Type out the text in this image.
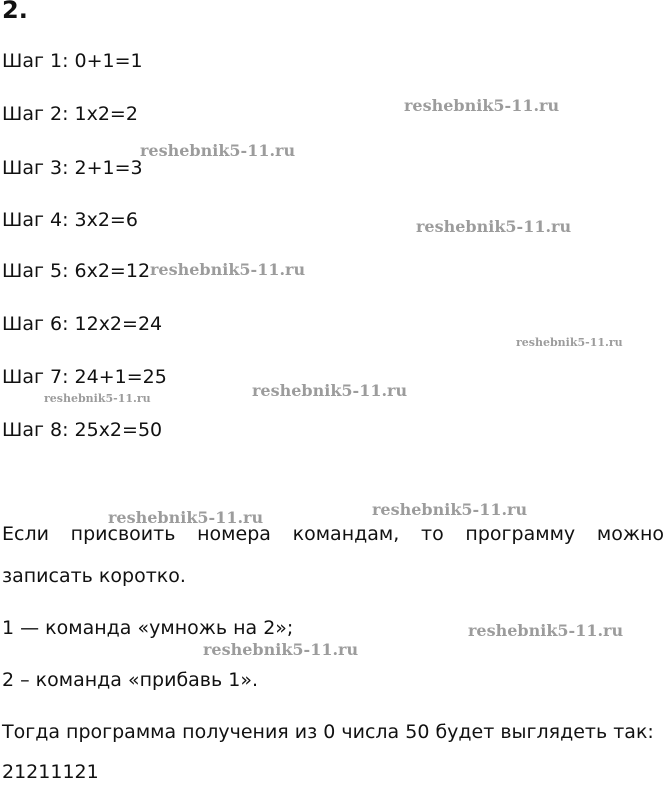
2.
Шаг 1: 0+1=1
Шаг 2: 1х2=2
Шаг 3: 2+1=3
Шаг 4: 3х2=6
Шаг 5: 6х2=12
Шаг 6: 12х2=24
Шаг 7: 24+1=25
Шаг 8: 25х2=50
Если присвоить номера командам, то программу можно
записать коротко.
1 — команда «умножь на 2»;
2 – команда «прибавь 1».
Тогда программа получения из 0 числа 50 будет выглядеть так:
21211121
reshebnik5-11.ru
reshebnik5-11.ru
reshebnik5-11.ru
reshebnik5-11.ru
reshebnik5-11.ru
reshebnik5-11.ru
reshebnik5-11.ru
reshebnik5-11.ru
reshebnik5-11.ru
reshebnik5-11.ru
reshebnik5-11.ru
